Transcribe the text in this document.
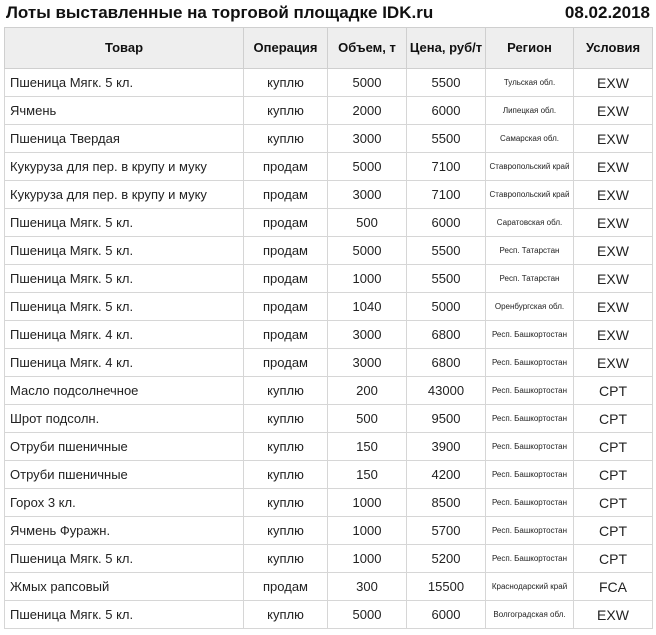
Лоты выставленные на торговой площадке IDK.ru	08.02.2018
Товар	Операция	Объем, т	Цена, руб/т	Регион	Условия
Пшеница Мягк. 5 кл.	куплю	5000	5500	Тульская обл.	EXW
Ячмень	куплю	2000	6000	Липецкая обл.	EXW
Пшеница Твердая	куплю	3000	5500	Самарская обл.	EXW
Кукуруза для пер. в крупу и муку	продам	5000	7100	Ставропольский край	EXW
Кукуруза для пер. в крупу и муку	продам	3000	7100	Ставропольский край	EXW
Пшеница Мягк. 5 кл.	продам	500	6000	Саратовская обл.	EXW
Пшеница Мягк. 5 кл.	продам	5000	5500	Респ. Татарстан	EXW
Пшеница Мягк. 5 кл.	продам	1000	5500	Респ. Татарстан	EXW
Пшеница Мягк. 5 кл.	продам	1040	5000	Оренбургская обл.	EXW
Пшеница Мягк. 4 кл.	продам	3000	6800	Респ. Башкортостан	EXW
Пшеница Мягк. 4 кл.	продам	3000	6800	Респ. Башкортостан	EXW
Масло подсолнечное	куплю	200	43000	Респ. Башкортостан	CPT
Шрот подсолн.	куплю	500	9500	Респ. Башкортостан	CPT
Отруби пшеничные	куплю	150	3900	Респ. Башкортостан	CPT
Отруби пшеничные	куплю	150	4200	Респ. Башкортостан	CPT
Горох 3 кл.	куплю	1000	8500	Респ. Башкортостан	CPT
Ячмень Фуражн.	куплю	1000	5700	Респ. Башкортостан	CPT
Пшеница Мягк. 5 кл.	куплю	1000	5200	Респ. Башкортостан	CPT
Жмых рапсовый	продам	300	15500	Краснодарский край	FCA
Пшеница Мягк. 5 кл.	куплю	5000	6000	Волгоградская обл.	EXW
